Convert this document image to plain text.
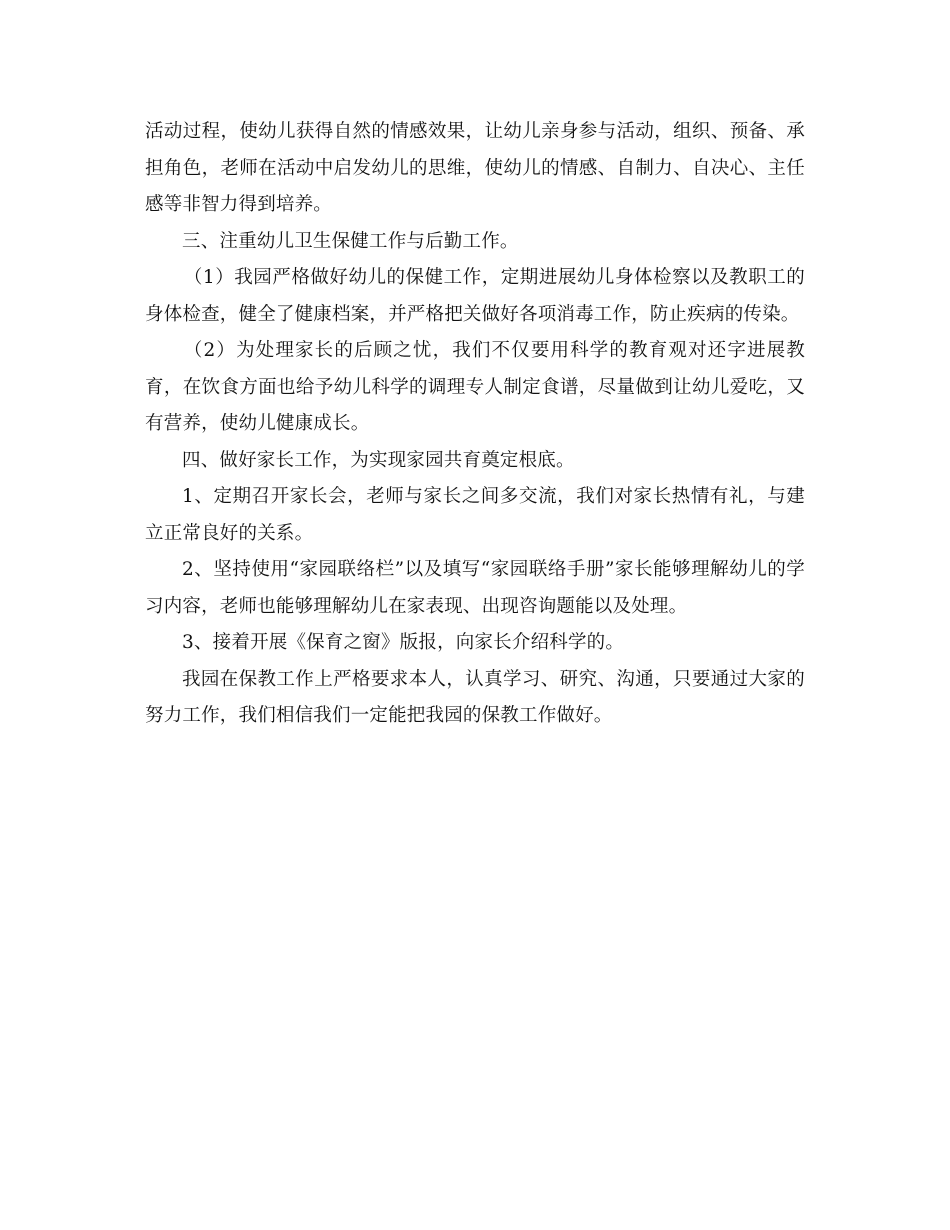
活动过程，使幼儿获得自然的情感效果，让幼儿亲身参与活动，组织、预备、承担角色，老师在活动中启发幼儿的思维，使幼儿的情感、自制力、自决心、主任感等非智力得到培养。

三、注重幼儿卫生保健工作与后勤工作。

（1）我园严格做好幼儿的保健工作，定期进展幼儿身体检察以及教职工的身体检查，健全了健康档案，并严格把关做好各项消毒工作，防止疾病的传染。

（2）为处理家长的后顾之忧，我们不仅要用科学的教育观对还字进展教育，在饮食方面也给予幼儿科学的调理专人制定食谱，尽量做到让幼儿爱吃，又有营养，使幼儿健康成长。

四、做好家长工作，为实现家园共育奠定根底。

1、定期召开家长会，老师与家长之间多交流，我们对家长热情有礼，与建立正常良好的关系。

2、坚持使用“家园联络栏”以及填写“家园联络手册”家长能够理解幼儿的学习内容，老师也能够理解幼儿在家表现、出现咨询题能以及处理。

3、接着开展《保育之窗》版报，向家长介绍科学的。

我园在保教工作上严格要求本人，认真学习、研究、沟通，只要通过大家的努力工作，我们相信我们一定能把我园的保教工作做好。
